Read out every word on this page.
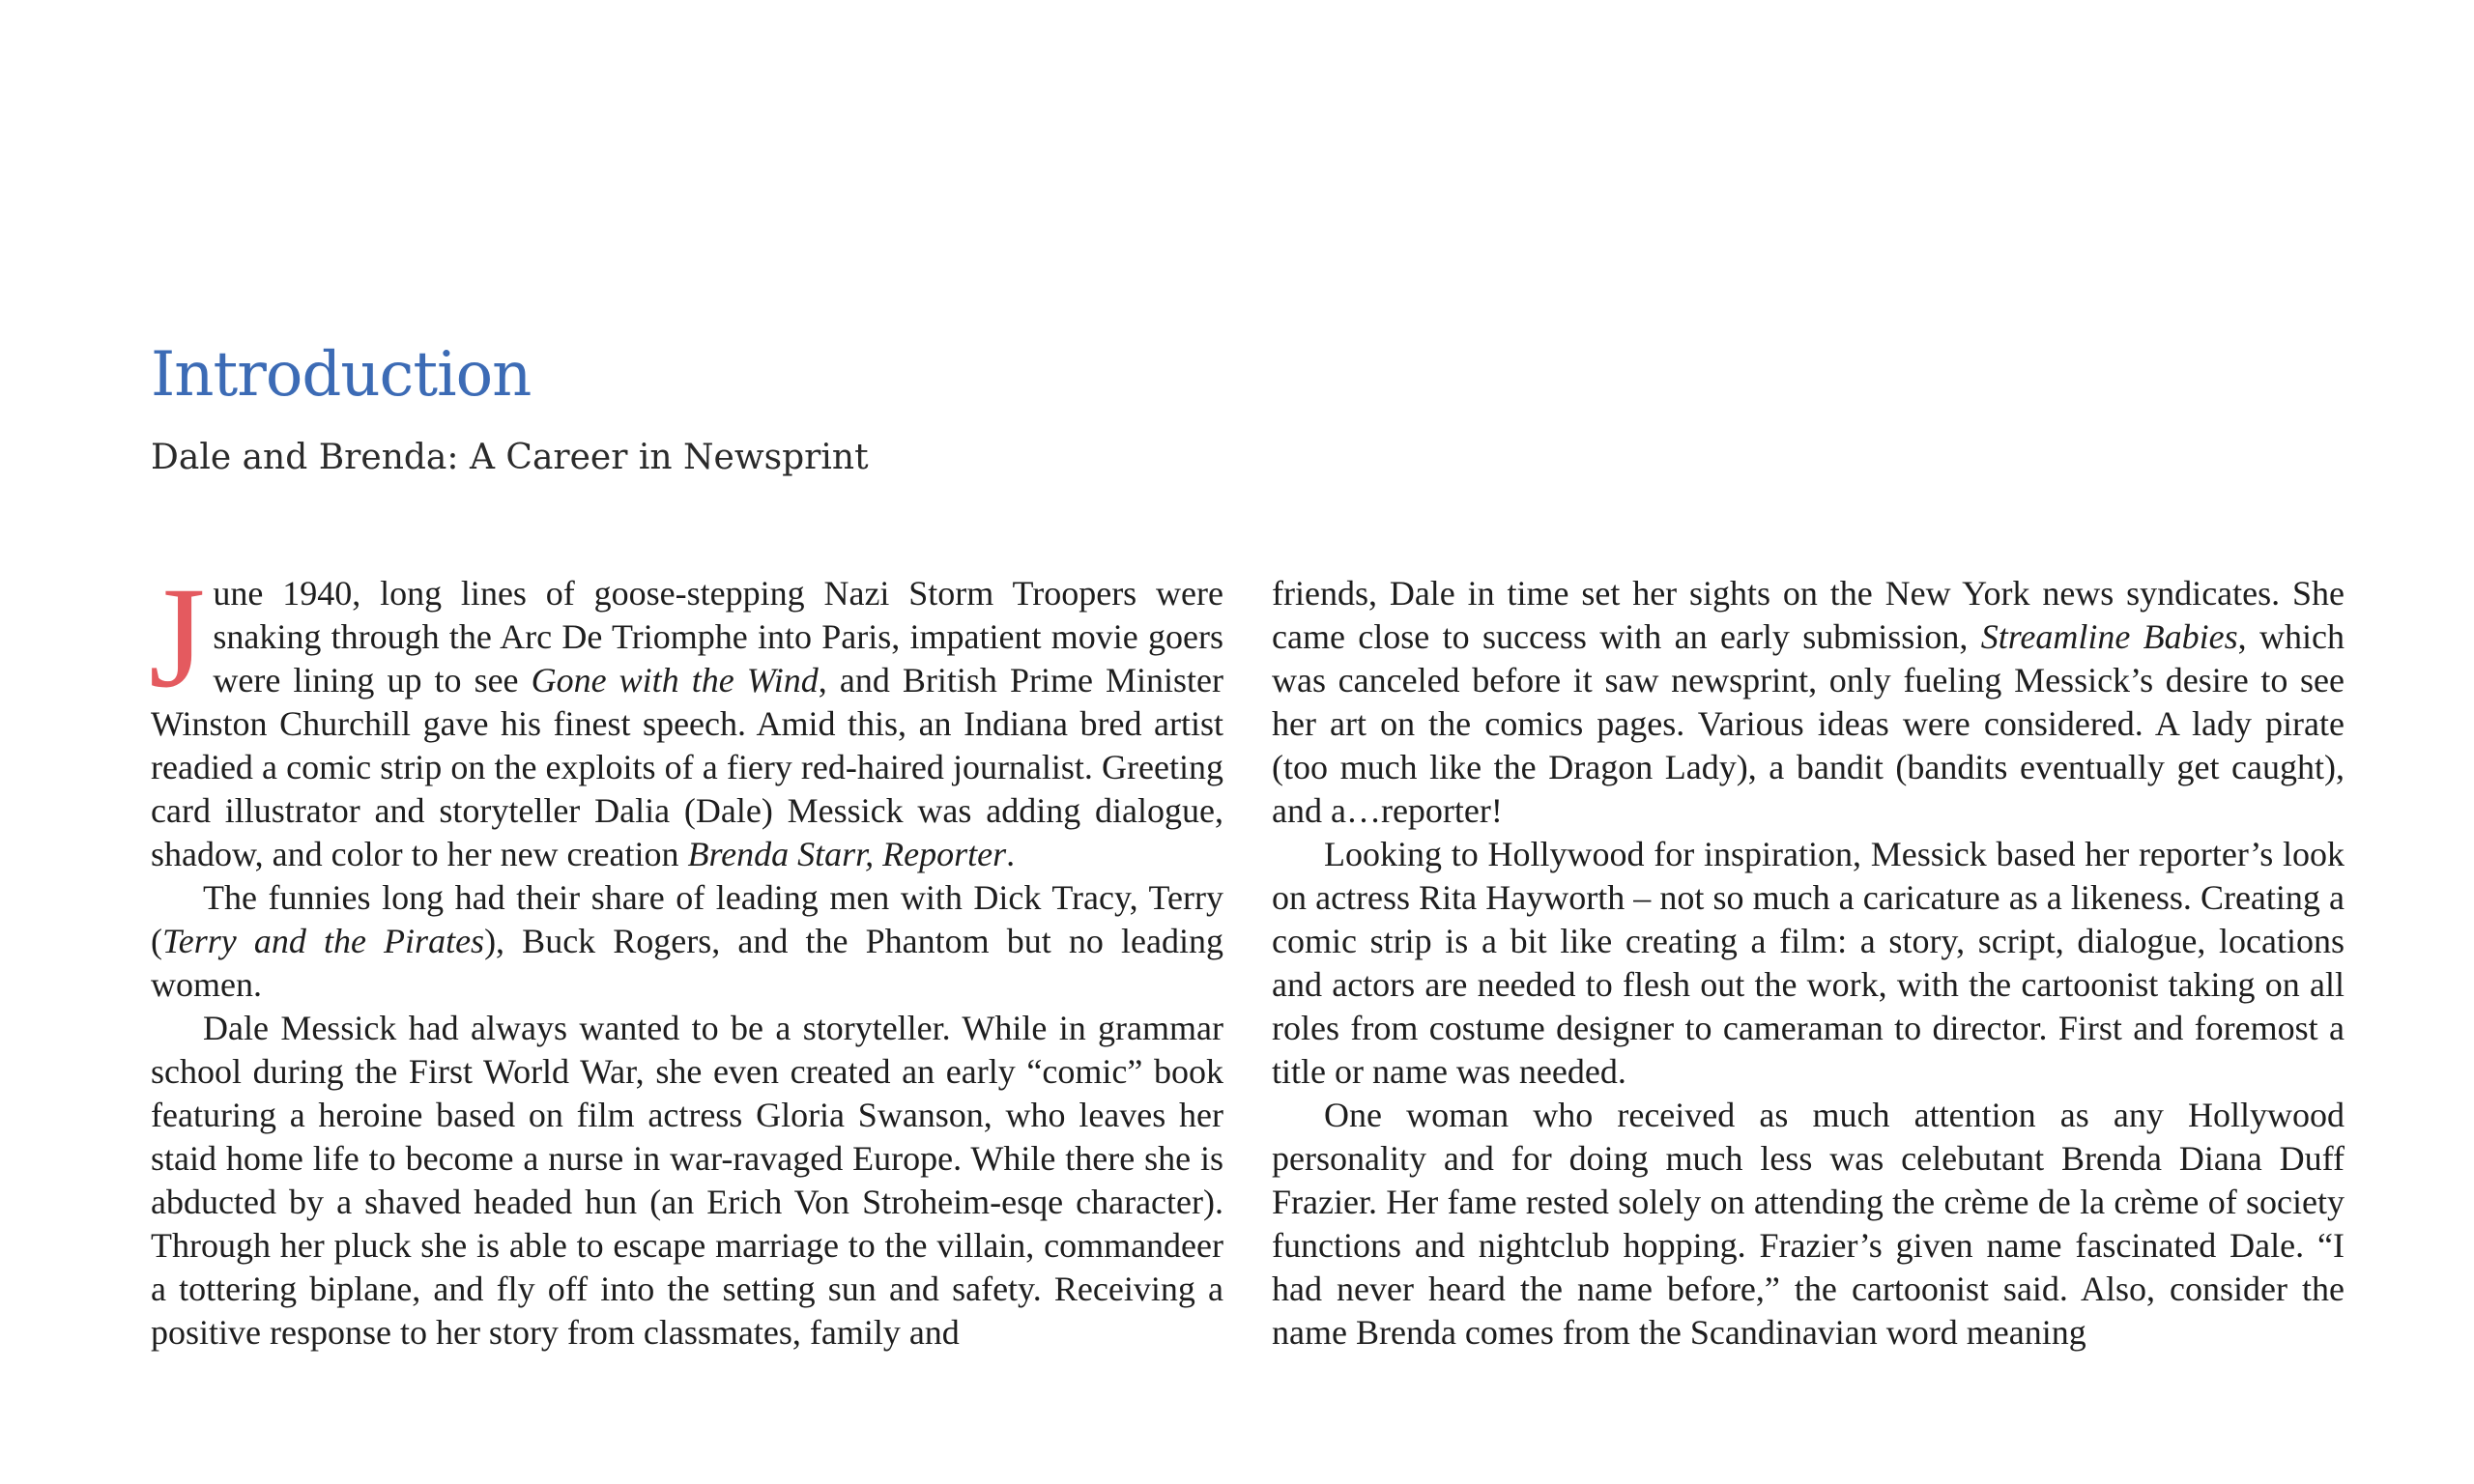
Introduction
Dale and Brenda: A Career in Newsprint

June 1940, long lines of goose-stepping Nazi Storm Troopers were snaking through the Arc De Triomphe into Paris, impatient movie goers were lining up to see Gone with the Wind, and British Prime Minister Winston Churchill gave his finest speech. Amid this, an Indiana bred artist readied a comic strip on the exploits of a fiery red-haired journalist. Greeting card illustrator and storyteller Dalia (Dale) Messick was adding dialogue, shadow, and color to her new creation Brenda Starr, Reporter.

The funnies long had their share of leading men with Dick Tracy, Terry (Terry and the Pirates), Buck Rogers, and the Phantom but no leading women.

Dale Messick had always wanted to be a storyteller. While in grammar school during the First World War, she even created an early “comic” book featuring a heroine based on film actress Gloria Swanson, who leaves her staid home life to become a nurse in war-ravaged Europe. While there she is abducted by a shaved headed hun (an Erich Von Stroheim-esqe character). Through her pluck she is able to escape marriage to the villain, commandeer a tottering biplane, and fly off into the setting sun and safety. Receiving a positive response to her story from classmates, family and

friends, Dale in time set her sights on the New York news syndicates. She came close to success with an early submission, Streamline Babies, which was canceled before it saw newsprint, only fueling Messick’s desire to see her art on the comics pages. Various ideas were considered. A lady pirate (too much like the Dragon Lady), a bandit (bandits eventually get caught), and a…reporter!

Looking to Hollywood for inspiration, Messick based her reporter’s look on actress Rita Hayworth – not so much a caricature as a likeness. Creating a comic strip is a bit like creating a film: a story, script, dialogue, locations and actors are needed to flesh out the work, with the cartoonist taking on all roles from costume designer to cameraman to director. First and foremost a title or name was needed.

One woman who received as much attention as any Hollywood personality and for doing much less was celebutant Brenda Diana Duff Frazier. Her fame rested solely on attending the crème de la crème of society functions and nightclub hopping. Frazier’s given name fascinated Dale. “I had never heard the name before,” the cartoonist said. Also, consider the name Brenda comes from the Scandinavian word meaning
